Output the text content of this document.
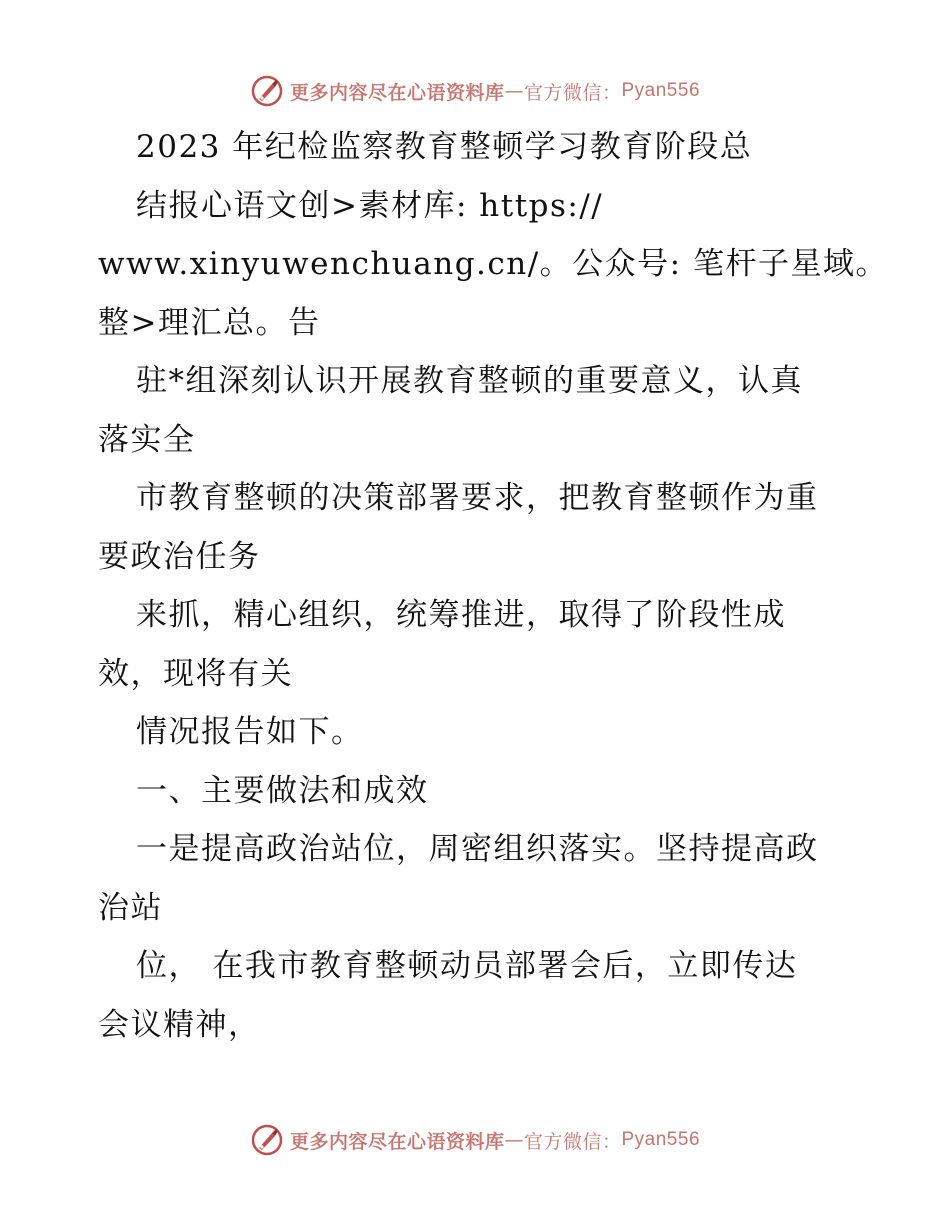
更多内容尽在心语资料库 — 官方微信： Pyan556
2023 年纪检监察教育整顿学习教育阶段总
结报心语文创>素材库: https://
www.xinyuwenchuang.cn/。公众号: 笔杆子星域。
整>理汇总。告
驻*组深刻认识开展教育整顿的重要意义，认真
落实全
市教育整顿的决策部署要求，把教育整顿作为重
要政治任务
来抓，精心组织，统筹推进，取得了阶段性成
效，现将有关
情况报告如下。
一、主要做法和成效
一是提高政治站位，周密组织落实。坚持提高政
治站
位， 在我市教育整顿动员部署会后，立即传达
会议精神，
更多内容尽在心语资料库 — 官方微信： Pyan556
